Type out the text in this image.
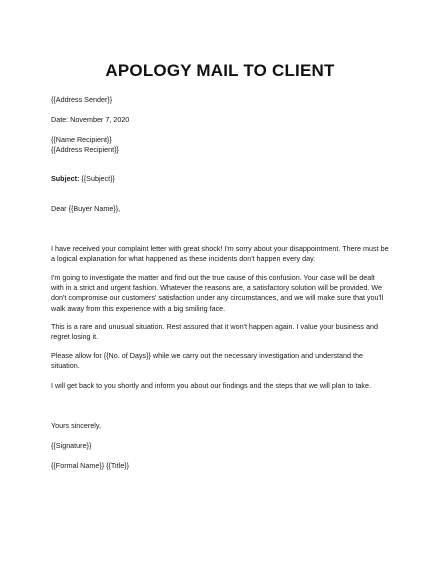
APOLOGY MAIL TO CLIENT

{{Address Sender}}

Date: November 7, 2020

{{Name Recipient}}

{{Address Recipient}}

Subject: {{Subject}}

Dear {{Buyer Name}},

I have received your complaint letter with great shock! I'm sorry about your disappointment. There must be a logical explanation for what happened as these incidents don't happen every day.

I'm going to investigate the matter and find out the true cause of this confusion. Your case will be dealt with in a strict and urgent fashion. Whatever the reasons are, a satisfactory solution will be provided. We don't compromise our customers' satisfaction under any circumstances, and we will make sure that you'll walk away from this experience with a big smiling face.

This is a rare and unusual situation. Rest assured that it won't happen again. I value your business and regret losing it.

Please allow for {{No. of Days}} while we carry out the necessary investigation and understand the situation.

I will get back to you shortly and inform you about our findings and the steps that we will plan to take.

Yours sincerely,

{{Signature}}

{{Formal Name}} {{Title}}
